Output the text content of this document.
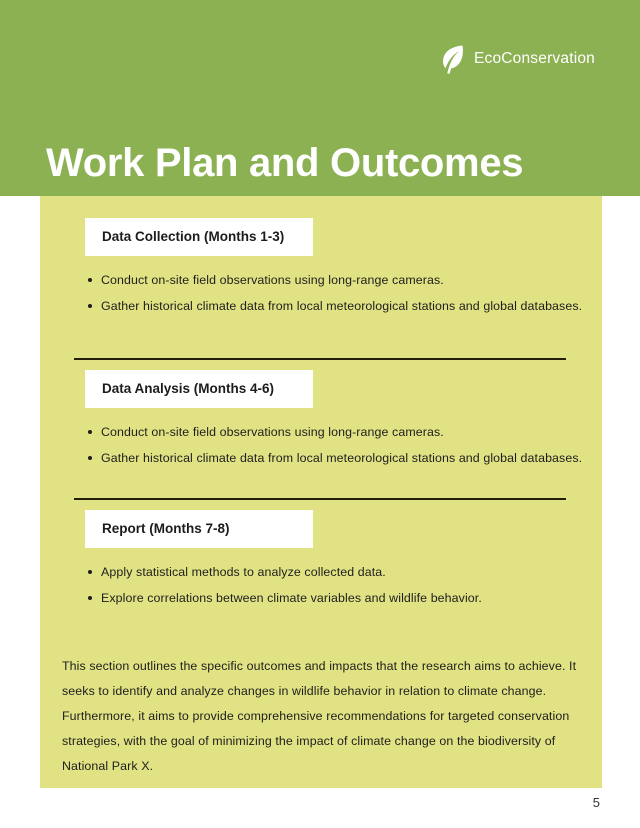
EcoConservation
Work Plan and Outcomes
Data Collection (Months 1-3)
Conduct on-site field observations using long-range cameras.
Gather historical climate data from local meteorological stations and global databases.
Data Analysis (Months 4-6)
Conduct on-site field observations using long-range cameras.
Gather historical climate data from local meteorological stations and global databases.
Report (Months 7-8)
Apply statistical methods to analyze collected data.
Explore correlations between climate variables and wildlife behavior.

This section outlines the specific outcomes and impacts that the research aims to achieve. It seeks to identify and analyze changes in wildlife behavior in relation to climate change. Furthermore, it aims to provide comprehensive recommendations for targeted conservation strategies, with the goal of minimizing the impact of climate change on the biodiversity of National Park X.

5
